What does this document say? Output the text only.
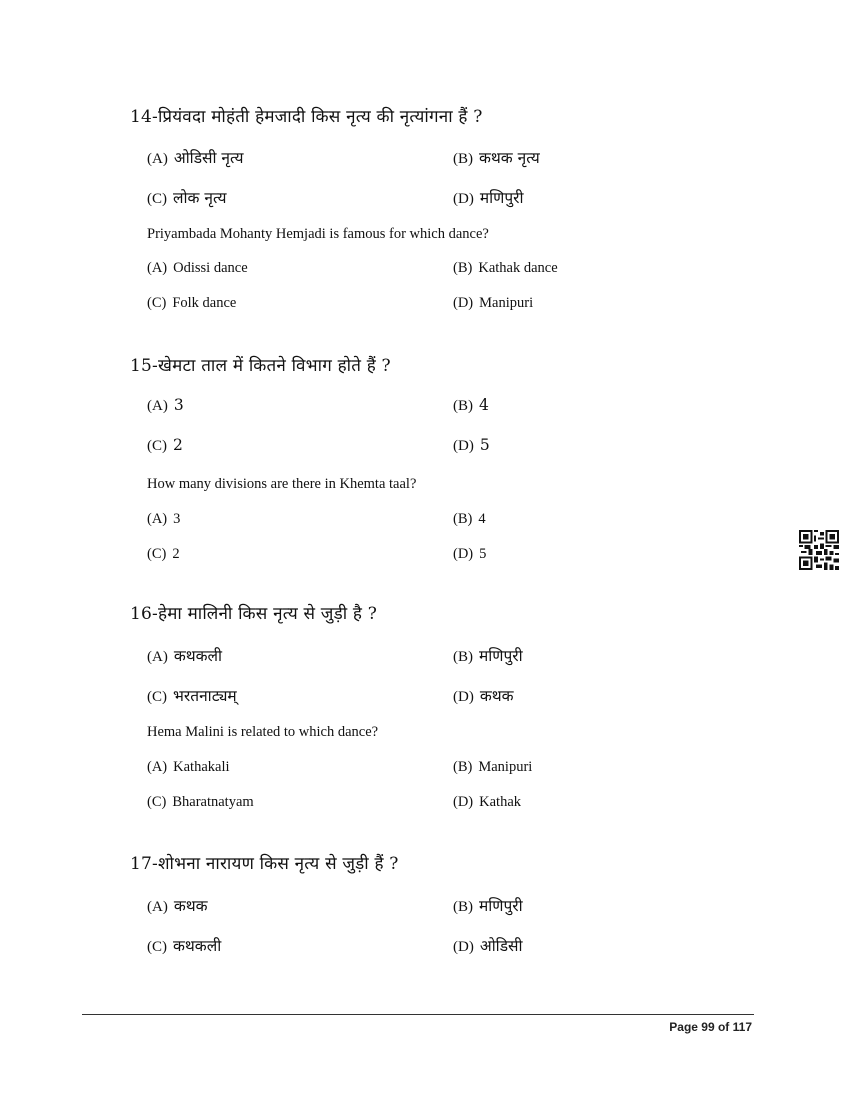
14-प्रियंवदा मोहंती हेमजादी किस नृत्य की नृत्यांगना हैं ?
(A) ओडिसी नृत्य	(B) कथक नृत्य
(C) लोक नृत्य	(D) मणिपुरी
Priyambada Mohanty Hemjadi is famous for which dance?
(A) Odissi dance	(B) Kathak dance
(C) Folk dance	(D) Manipuri
15-खेमटा ताल में कितने विभाग होते हैं ?
(A) 3	(B) 4
(C) 2	(D) 5
How many divisions are there in Khemta taal?
(A) 3	(B) 4
(C) 2	(D) 5
16-हेमा मालिनी किस नृत्य से जुड़ी है ?
(A) कथकली	(B) मणिपुरी
(C) भरतनाट्यम्	(D) कथक
Hema Malini is related to which dance?
(A) Kathakali	(B) Manipuri
(C) Bharatnatyam	(D) Kathak
17-शोभना नारायण किस नृत्य से जुड़ी हैं ?
(A) कथक	(B) मणिपुरी
(C) कथकली	(D) ओडिसी
Page 99 of 117
